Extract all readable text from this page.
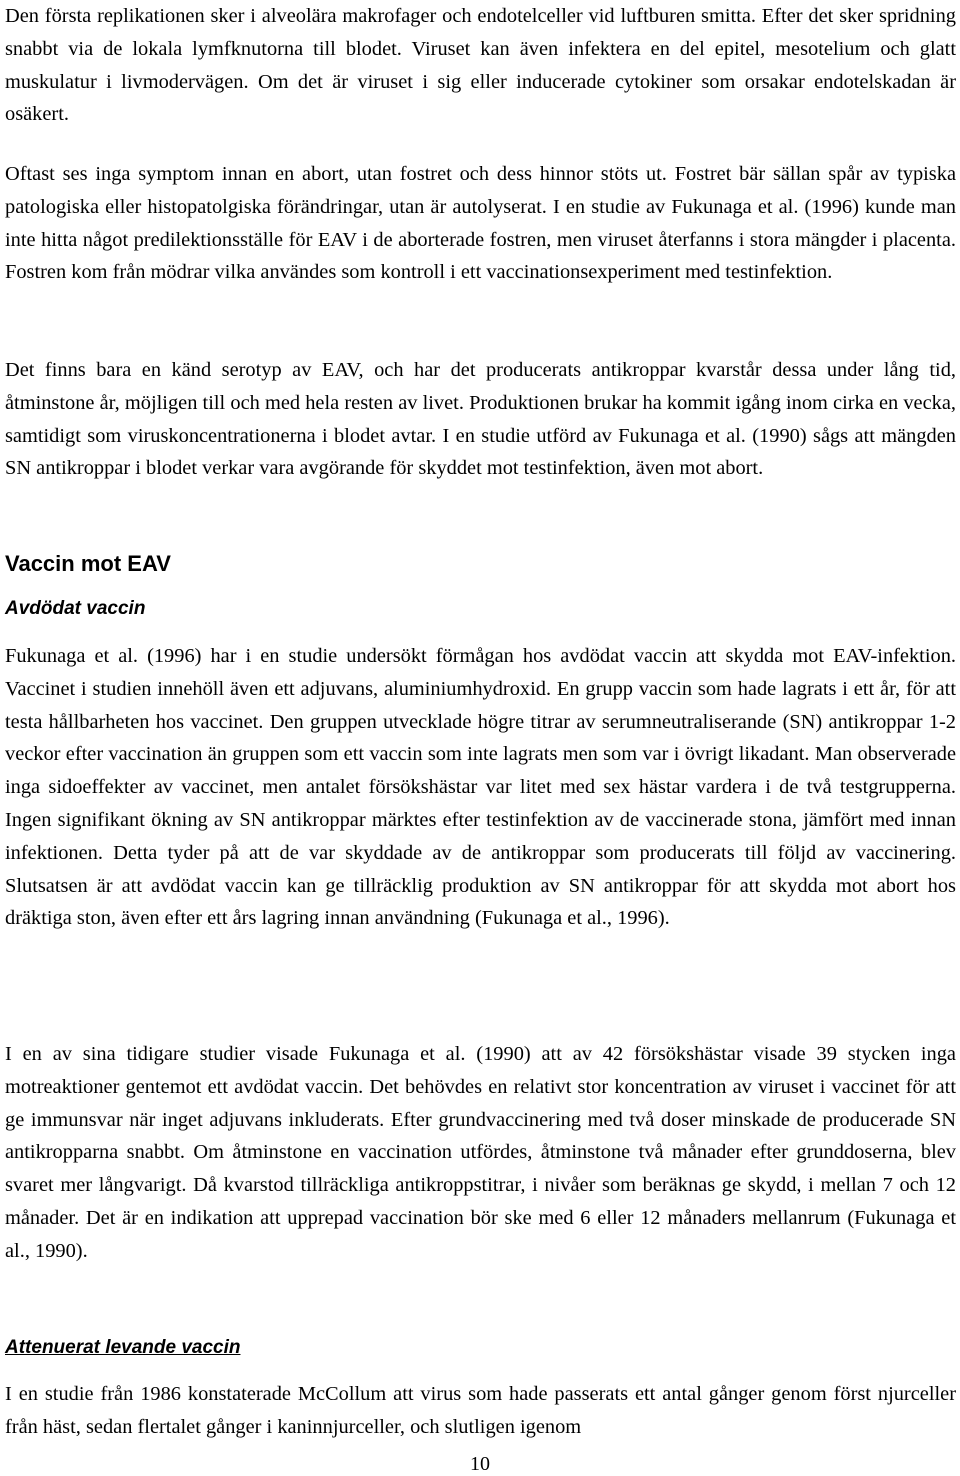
Den första replikationen sker i alveolära makrofager och endotelceller vid luftburen smitta. Efter det sker spridning snabbt via de lokala lymfknutorna till blodet. Viruset kan även infektera en del epitel, mesotelium och glatt muskulatur i livmodervägen. Om det är viruset i sig eller inducerade cytokiner som orsakar endotelskadan är osäkert.

Oftast ses inga symptom innan en abort, utan fostret och dess hinnor stöts ut. Fostret bär sällan spår av typiska patologiska eller histopatolgiska förändringar, utan är autolyserat. I en studie av Fukunaga et al. (1996) kunde man inte hitta något predilektionsställe för EAV i de aborterade fostren, men viruset återfanns i stora mängder i placenta. Fostren kom från mödrar vilka användes som kontroll i ett vaccinationsexperiment med testinfektion.

Det finns bara en känd serotyp av EAV, och har det producerats antikroppar kvarstår dessa under lång tid, åtminstone år, möjligen till och med hela resten av livet. Produktionen brukar ha kommit igång inom cirka en vecka, samtidigt som viruskoncentrationerna i blodet avtar. I en studie utförd av Fukunaga et al. (1990) sågs att mängden SN antikroppar i blodet verkar vara avgörande för skyddet mot testinfektion, även mot abort.

Vaccin mot EAV
Avdödat vaccin

Fukunaga et al. (1996) har i en studie undersökt förmågan hos avdödat vaccin att skydda mot EAV-infektion. Vaccinet i studien innehöll även ett adjuvans, aluminiumhydroxid. En grupp vaccin som hade lagrats i ett år, för att testa hållbarheten hos vaccinet. Den gruppen utvecklade högre titrar av serumneutraliserande (SN) antikroppar 1-2 veckor efter vaccination än gruppen som ett vaccin som inte lagrats men som var i övrigt likadant. Man observerade inga sidoeffekter av vaccinet, men antalet försökshästar var litet med sex hästar vardera i de två testgrupperna. Ingen signifikant ökning av SN antikroppar märktes efter testinfektion av de vaccinerade stona, jämfört med innan infektionen. Detta tyder på att de var skyddade av de antikroppar som producerats till följd av vaccinering. Slutsatsen är att avdödat vaccin kan ge tillräcklig produktion av SN antikroppar för att skydda mot abort hos dräktiga ston, även efter ett års lagring innan användning (Fukunaga et al., 1996).

I en av sina tidigare studier visade Fukunaga et al. (1990) att av 42 försökshästar visade 39 stycken inga motreaktioner gentemot ett avdödat vaccin. Det behövdes en relativt stor koncentration av viruset i vaccinet för att ge immunsvar när inget adjuvans inkluderats. Efter grundvaccinering med två doser minskade de producerade SN antikropparna snabbt. Om åtminstone en vaccination utfördes, åtminstone två månader efter grunddoserna, blev svaret mer långvarigt. Då kvarstod tillräckliga antikroppstitrar, i nivåer som beräknas ge skydd, i mellan 7 och 12 månader. Det är en indikation att upprepad vaccination bör ske med 6 eller 12 månaders mellanrum (Fukunaga et al., 1990).

Attenuerat levande vaccin

I en studie från 1986 konstaterade McCollum att virus som hade passerats ett antal gånger genom först njurceller från häst, sedan flertalet gånger i kaninnjurceller, och slutligen igenom

10
